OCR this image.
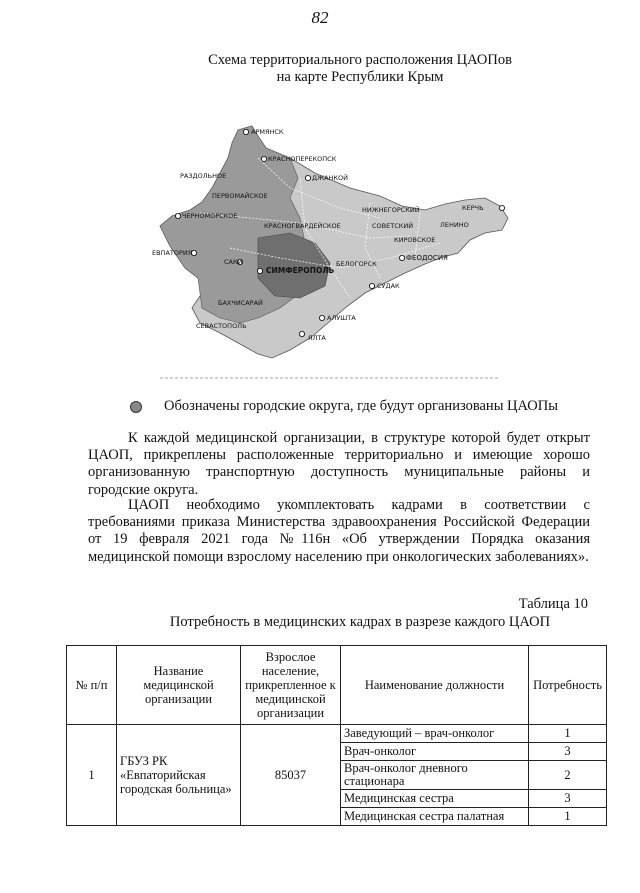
82
Схема территориального расположения ЦАОПов
на карте Республики Крым
АРМЯНСК
КРАСНОПЕРЕКОПСК
РАЗДОЛЬНОЕ	ДЖАНКОЙ
ПЕРВОМАЙСКОЕ
ЧЕРНОМОРСКОЕ
НИЖНЕГОРСКИЙ	КЕРЧЬ
ЛЕНИНО
КРАСНОГВАРДЕЙСКОЕ	СОВЕТСКИЙ
КИРОВСКОЕ
ЕВПАТОРИЯ
САКИ
СИМФЕРОПОЛЬ
БЕЛОГОРСК
ФЕОДОСИЯ
СУДАК
БАХЧИСАРАЙ
СЕВАСТОПОЛЬ
АЛУШТА
ЯЛТА
Обозначены городские округа, где будут организованы ЦАОПы
К каждой медицинской организации, в структуре которой будет открыт ЦАОП, прикреплены расположенные территориально и имеющие хорошо организованную транспортную доступность муниципальные районы и городские округа.
ЦАОП необходимо укомплектовать кадрами в соответствии с требованиями приказа Министерства здравоохранения Российской Федерации от 19 февраля 2021 года №116н «Об утверждении Порядка оказания медицинской помощи взрослому населению при онкологических заболеваниях».
Таблица 10
Потребность в медицинских кадрах в разрезе каждого ЦАОП
№ п/п	Название медицинской организации	Взрослое население, прикрепленное к медицинской организации	Наименование должности	Потребность
1	ГБУЗ РК «Евпаторийская городская больница»	85037	Заведующий – врач-онколог	1
			Врач-онколог	3
			Врач-онколог дневного стационара	2
			Медицинская сестра	3
			Медицинская сестра палатная	1
